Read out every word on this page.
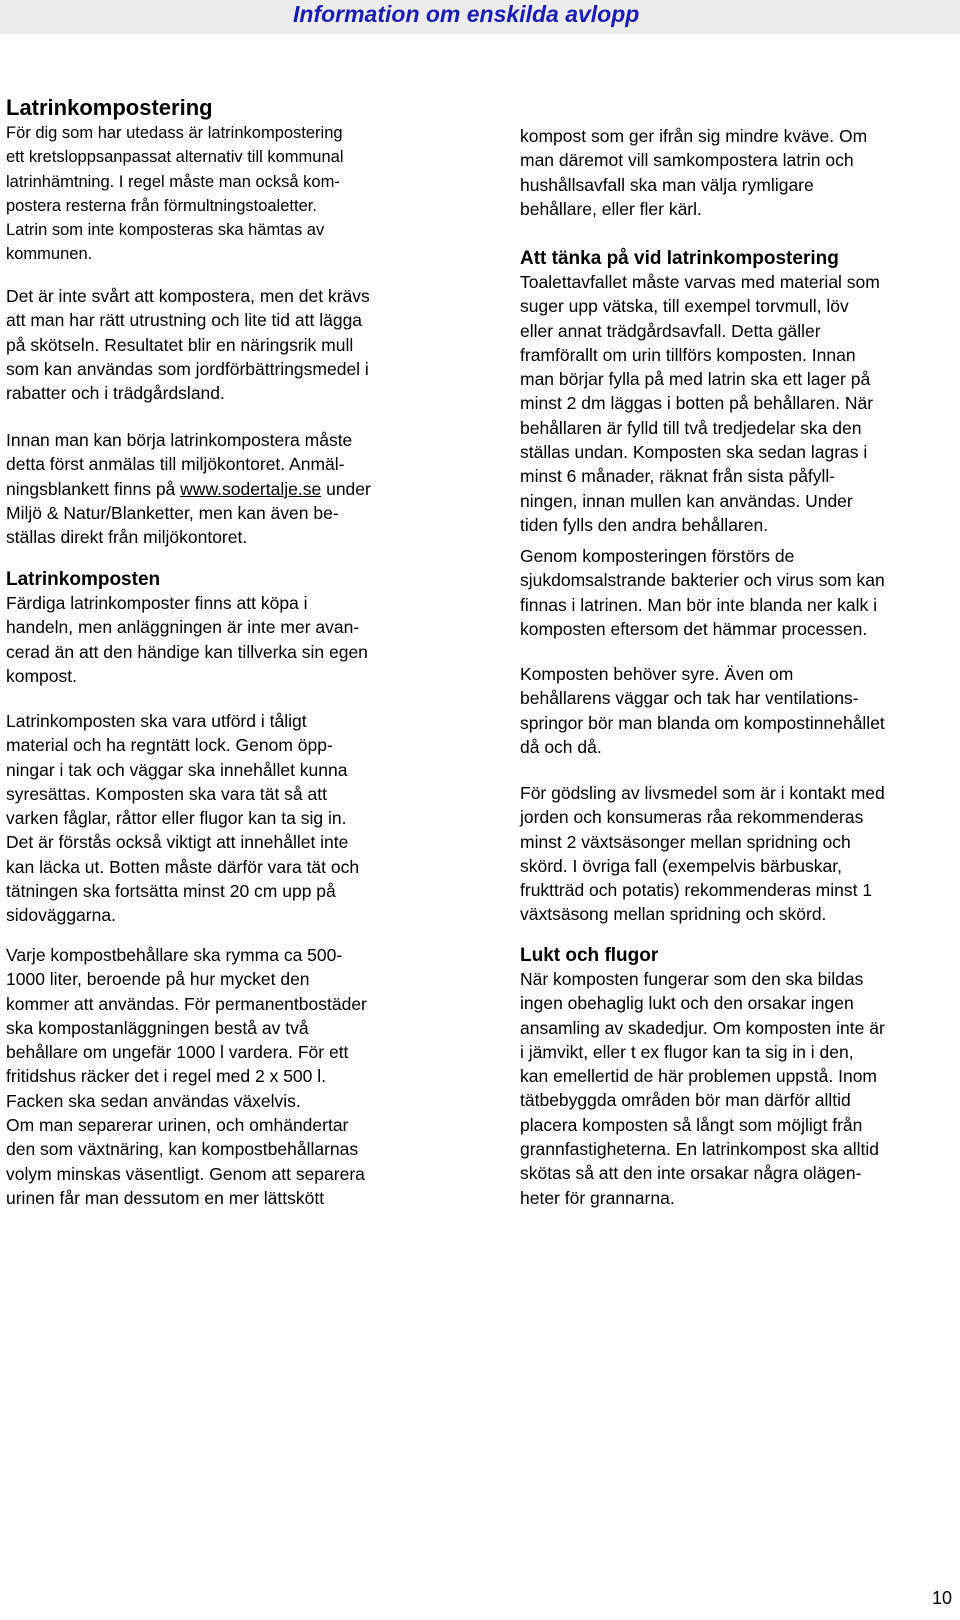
Information om enskilda avlopp
Latrinkompostering

För dig som har utedass är latrinkompostering

ett kretsloppsanpassat alternativ till kommunal

latrinhämtning. I regel måste man också kom-

postera resterna från förmultningstoaletter.

Latrin som inte komposteras ska hämtas av

kommunen.

Det är inte svårt att kompostera, men det krävs

att man har rätt utrustning och lite tid att lägga

på skötseln. Resultatet blir en näringsrik mull

som kan användas som jordförbättringsmedel i

rabatter och i trädgårdsland.

Innan man kan börja latrinkompostera måste

detta först anmälas till miljökontoret. Anmäl-

ningsblankett finns på www.sodertalje.se under

Miljö & Natur/Blanketter, men kan även be-

ställas direkt från miljökontoret.

Latrinkomposten

Färdiga latrinkomposter finns att köpa i

handeln, men anläggningen är inte mer avan-

cerad än att den händige kan tillverka sin egen

kompost.

Latrinkomposten ska vara utförd i tåligt

material och ha regntätt lock. Genom öpp-

ningar i tak och väggar ska innehållet kunna

syresättas. Komposten ska vara tät så att

varken fåglar, råttor eller flugor kan ta sig in.

Det är förstås också viktigt att innehållet inte

kan läcka ut. Botten måste därför vara tät och

tätningen ska fortsätta minst 20 cm upp på

sidoväggarna.

Varje kompostbehållare ska rymma ca 500-

1000 liter, beroende på hur mycket den

kommer att användas. För permanentbostäder

ska kompostanläggningen bestå av två

behållare om ungefär 1000 l vardera. För ett

fritidshus räcker det i regel med 2 x 500 l.

Facken ska sedan användas växelvis.

Om man separerar urinen, och omhändertar

den som växtnäring, kan kompostbehållarnas

volym minskas väsentligt. Genom att separera

urinen får man dessutom en mer lättskött

kompost som ger ifrån sig mindre kväve. Om

man däremot vill samkompostera latrin och

hushållsavfall ska man välja rymligare

behållare, eller fler kärl.

Att tänka på vid latrinkompostering

Toalettavfallet måste varvas med material som

suger upp vätska, till exempel torvmull, löv

eller annat trädgårdsavfall. Detta gäller

framförallt om urin tillförs komposten. Innan

man börjar fylla på med latrin ska ett lager på

minst 2 dm läggas i botten på behållaren. När

behållaren är fylld till två tredjedelar ska den

ställas undan. Komposten ska sedan lagras i

minst 6 månader, räknat från sista påfyll-

ningen, innan mullen kan användas. Under

tiden fylls den andra behållaren.

Genom komposteringen förstörs de

sjukdomsalstrande bakterier och virus som kan

finnas i latrinen. Man bör inte blanda ner kalk i

komposten eftersom det hämmar processen.

Komposten behöver syre. Även om

behållarens väggar och tak har ventilations-

springor bör man blanda om kompostinnehållet

då och då.

För gödsling av livsmedel som är i kontakt med

jorden och konsumeras råa rekommenderas

minst 2 växtsäsonger mellan spridning och

skörd. I övriga fall (exempelvis bärbuskar,

fruktträd och potatis) rekommenderas minst 1

växtsäsong mellan spridning och skörd.

Lukt och flugor

När komposten fungerar som den ska bildas

ingen obehaglig lukt och den orsakar ingen

ansamling av skadedjur. Om komposten inte är

i jämvikt, eller t ex flugor kan ta sig in i den,

kan emellertid de här problemen uppstå. Inom

tätbebyggda områden bör man därför alltid

placera komposten så långt som möjligt från

grannfastigheterna. En latrinkompost ska alltid

skötas så att den inte orsakar några olägen-

heter för grannarna.

10
